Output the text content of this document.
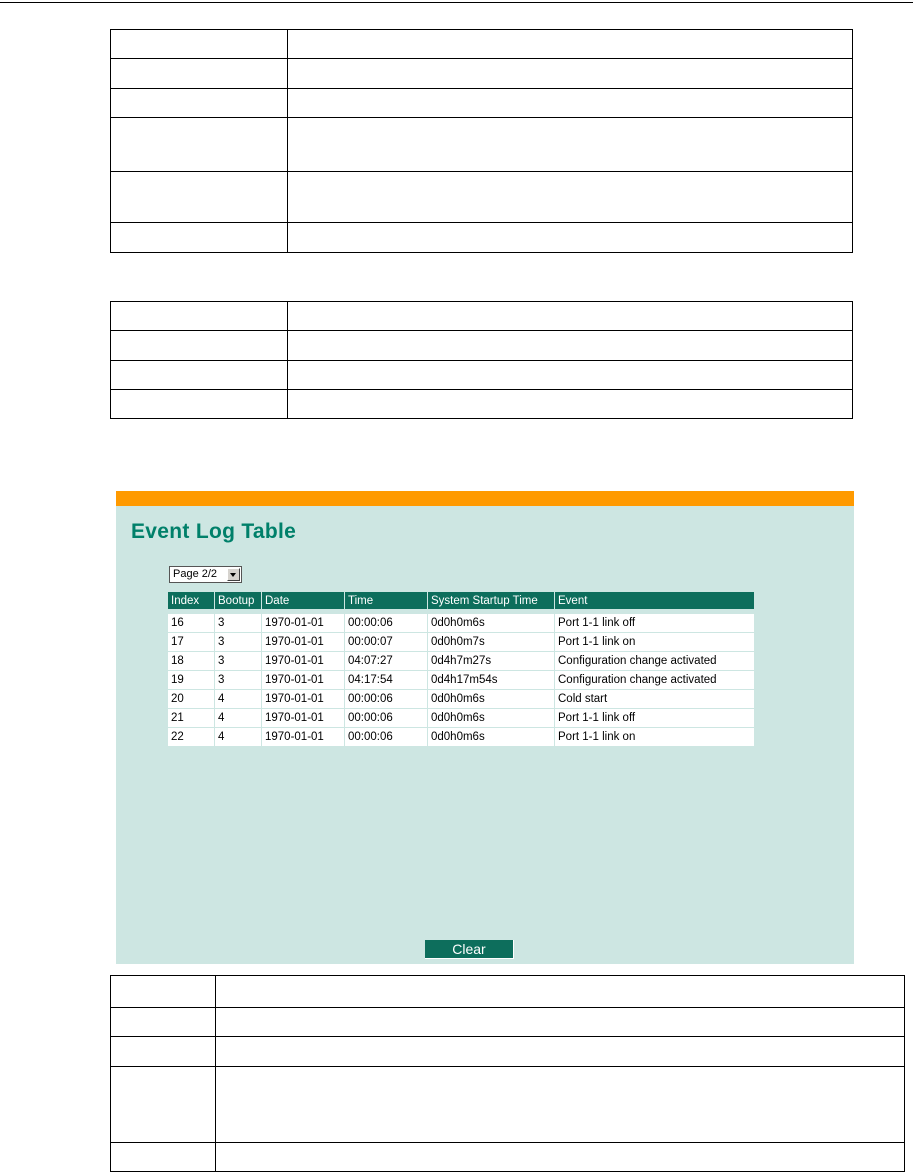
Event Log Table
Page 2/2
Index	Bootup	Date	Time	System Startup Time	Event

16	3	1970-01-01	00:00:06	0d0h0m6s	Port 1-1 link off
17	3	1970-01-01	00:00:07	0d0h0m7s	Port 1-1 link on
18	3	1970-01-01	04:07:27	0d4h7m27s	Configuration change activated
19	3	1970-01-01	04:17:54	0d4h17m54s	Configuration change activated
20	4	1970-01-01	00:00:06	0d0h0m6s	Cold start
21	4	1970-01-01	00:00:06	0d0h0m6s	Port 1-1 link off
22	4	1970-01-01	00:00:06	0d0h0m6s	Port 1-1 link on
Clear
